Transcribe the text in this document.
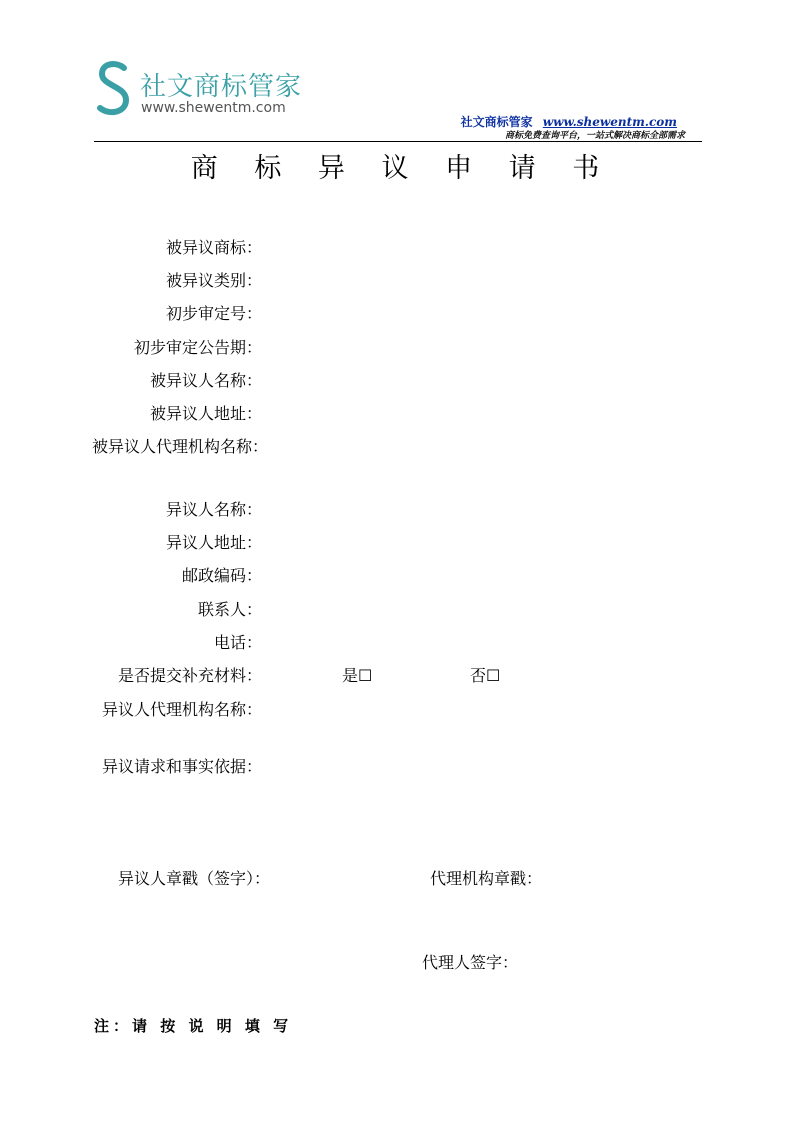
社文商标管家
www.shewentm.com
社文商标管家 www.shewentm.com
商标免费查询平台，一站式解决商标全部需求
商 标 异 议 申 请 书
被异议商标：
被异议类别：
初步审定号：
初步审定公告期：
被异议人名称：
被异议人地址：
被异议人代理机构名称：
异议人名称：
异议人地址：
邮政编码：
联系人：
电话：
是否提交补充材料：	是☐	否☐
异议人代理机构名称：
异议请求和事实依据：
异议人章戳（签字）：	代理机构章戳：
代理人签字：
注：请 按 说 明 填 写
